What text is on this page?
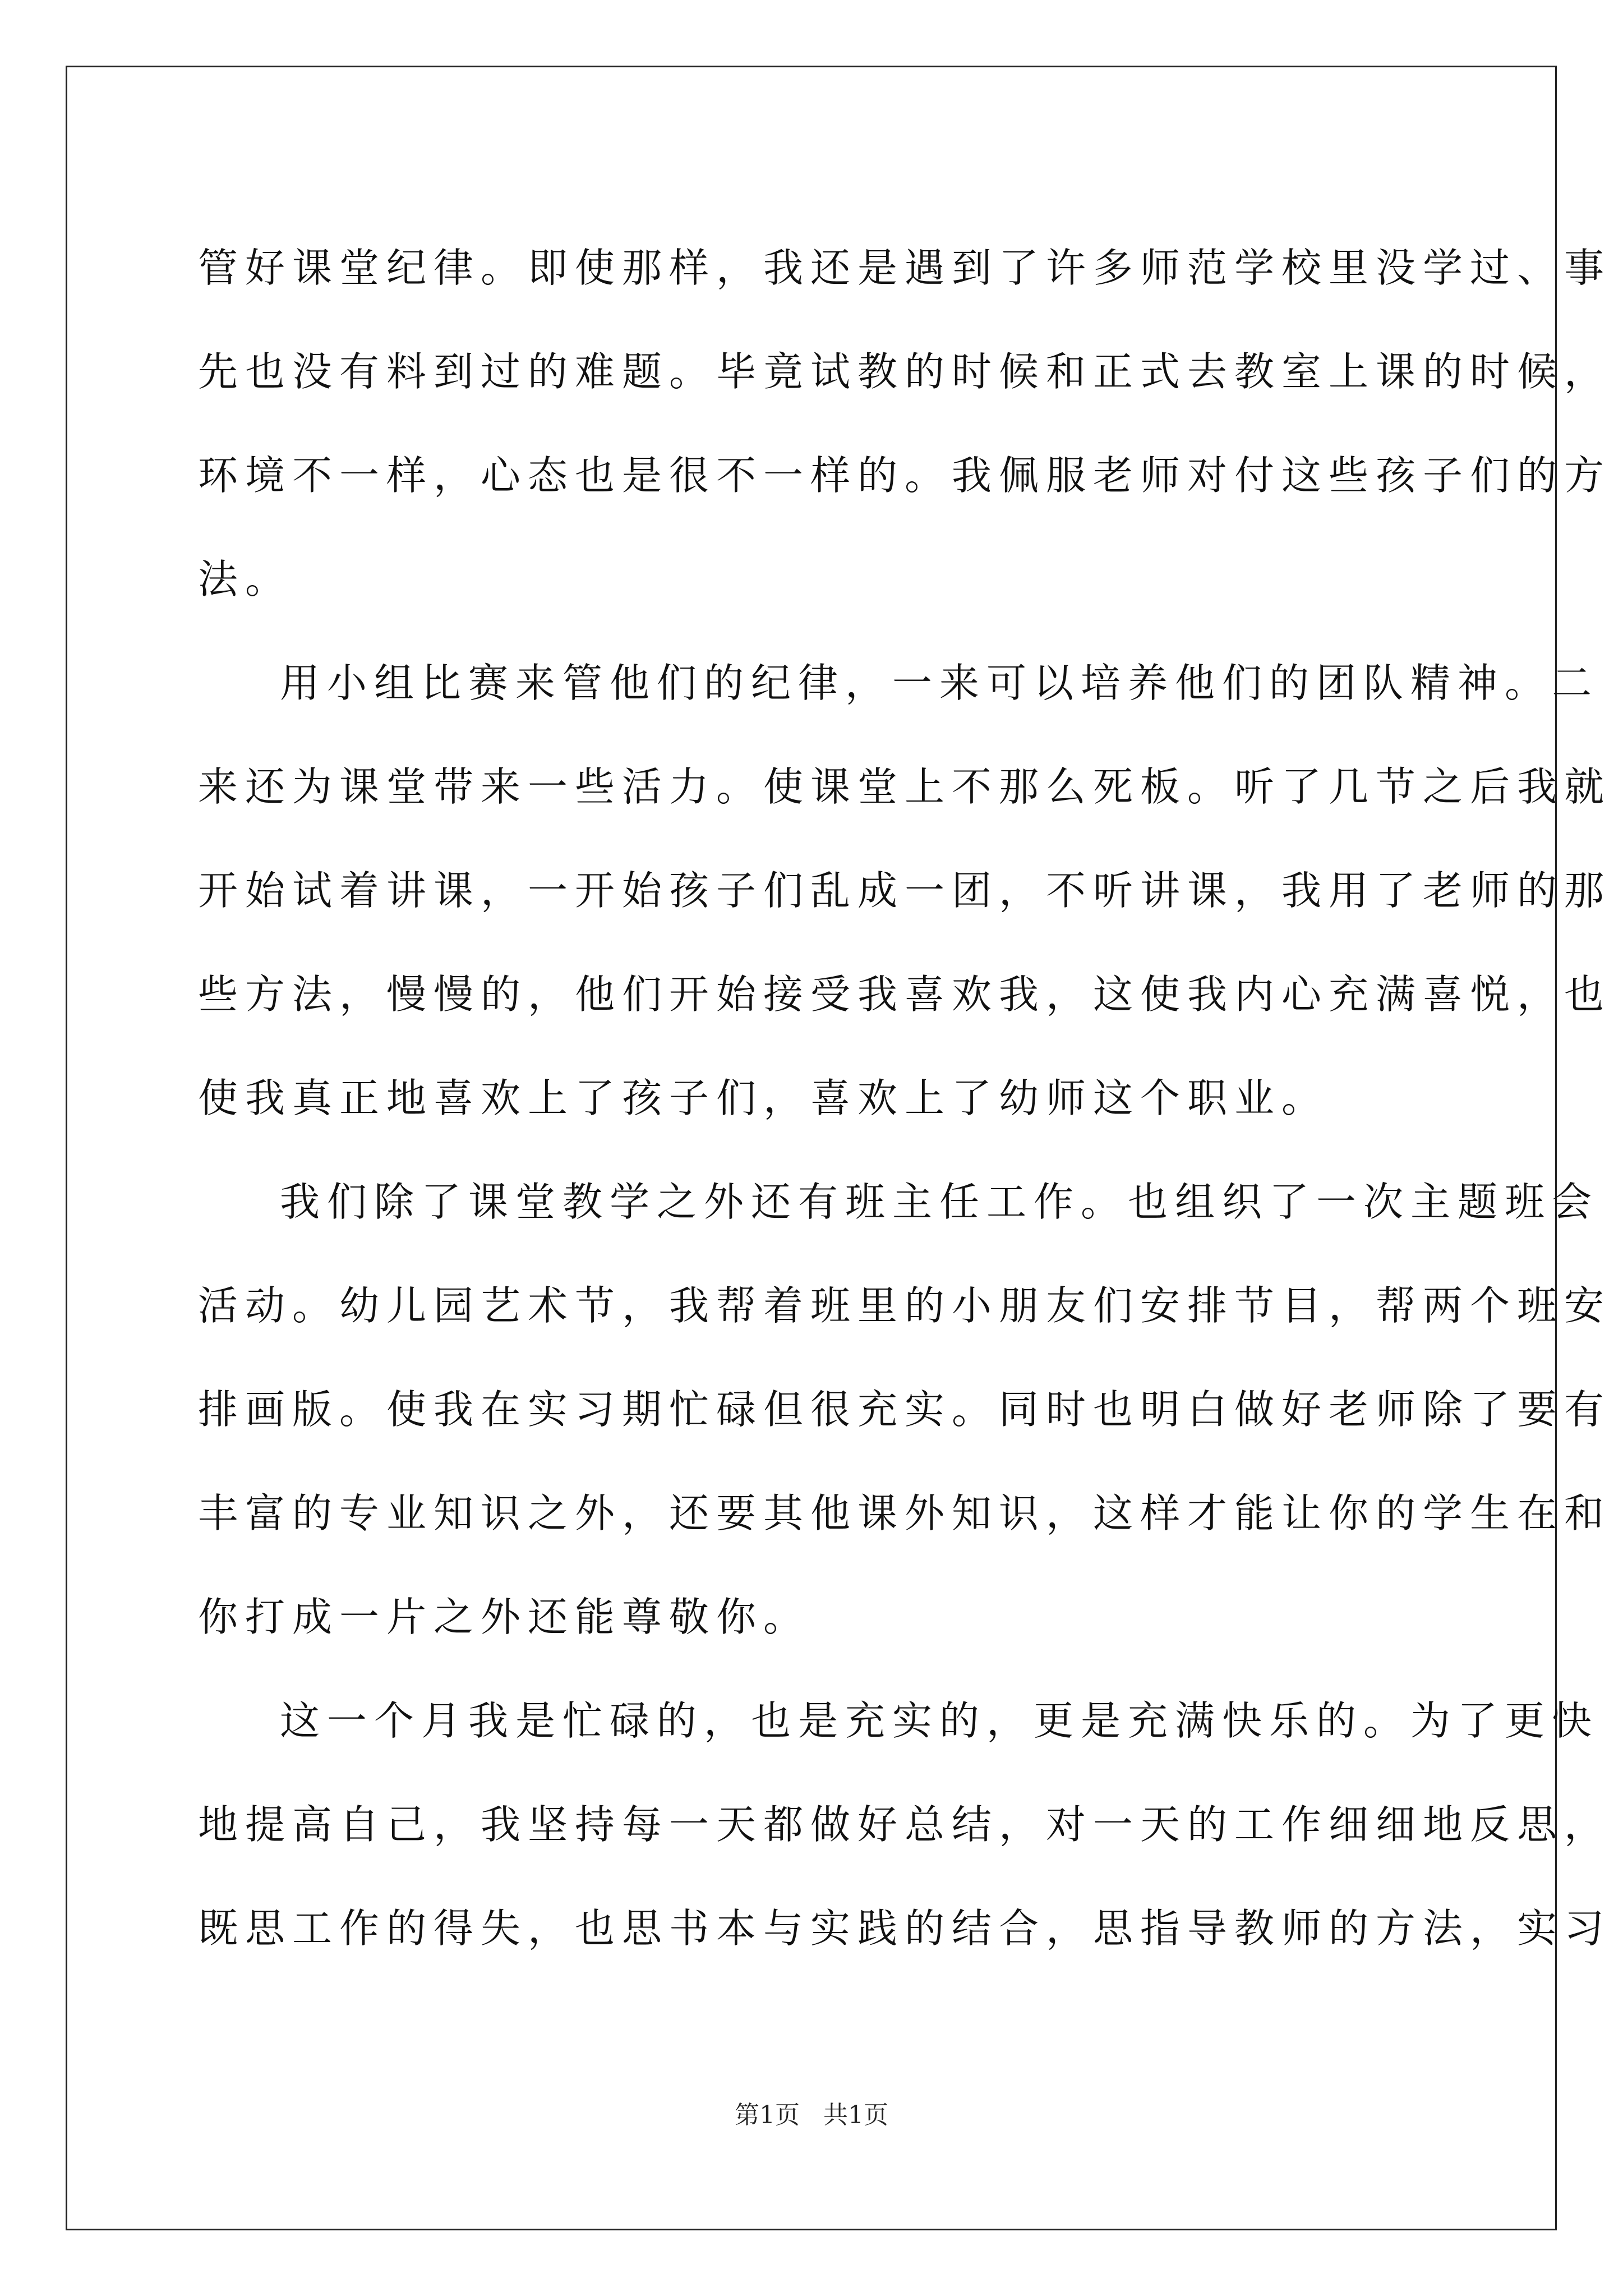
管好课堂纪律。即使那样，我还是遇到了许多师范学校里没学过、事
先也没有料到过的难题。毕竟试教的时候和正式去教室上课的时候，
环境不一样，心态也是很不一样的。我佩服老师对付这些孩子们的方
法。
用小组比赛来管他们的纪律，一来可以培养他们的团队精神。二
来还为课堂带来一些活力。使课堂上不那么死板。听了几节之后我就
开始试着讲课，一开始孩子们乱成一团，不听讲课，我用了老师的那
些方法，慢慢的，他们开始接受我喜欢我，这使我内心充满喜悦，也
使我真正地喜欢上了孩子们，喜欢上了幼师这个职业。
我们除了课堂教学之外还有班主任工作。也组织了一次主题班会
活动。幼儿园艺术节，我帮着班里的小朋友们安排节目，帮两个班安
排画版。使我在实习期忙碌但很充实。同时也明白做好老师除了要有
丰富的专业知识之外，还要其他课外知识，这样才能让你的学生在和
你打成一片之外还能尊敬你。
这一个月我是忙碌的，也是充实的，更是充满快乐的。为了更快
地提高自己，我坚持每一天都做好总结，对一天的工作细细地反思，
既思工作的得失，也思书本与实践的结合，思指导教师的方法，实习
第1页   共1页
